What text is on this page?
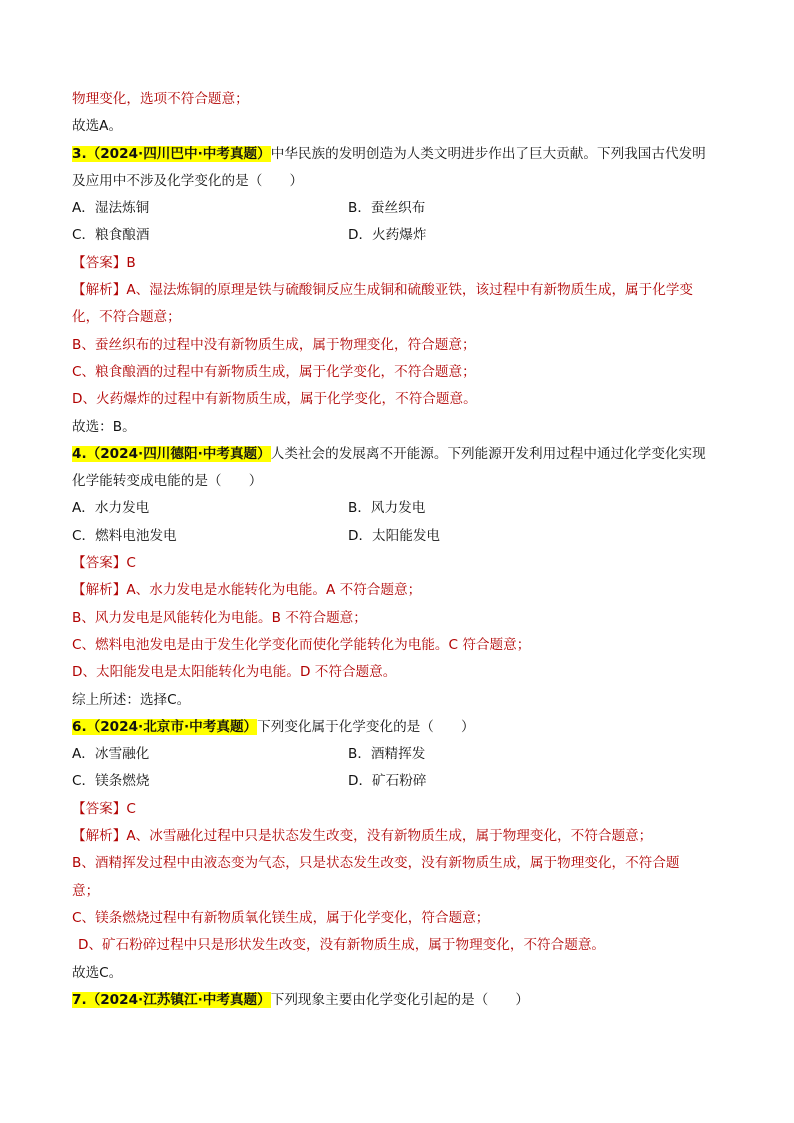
物理变化，选项不符合题意；
故选A。
3.（2024·四川巴中·中考真题）中华民族的发明创造为人类文明进步作出了巨大贡献。下列我国古代发明
及应用中不涉及化学变化的是（　　）
A．湿法炼铜	B．蚕丝织布
C．粮食酿酒	D．火药爆炸
【答案】B
【解析】A、湿法炼铜的原理是铁与硫酸铜反应生成铜和硫酸亚铁，该过程中有新物质生成，属于化学变
化，不符合题意；
B、蚕丝织布的过程中没有新物质生成，属于物理变化，符合题意；
C、粮食酿酒的过程中有新物质生成，属于化学变化，不符合题意；
D、火药爆炸的过程中有新物质生成，属于化学变化，不符合题意。
故选：B。
4.（2024·四川德阳·中考真题）人类社会的发展离不开能源。下列能源开发利用过程中通过化学变化实现
化学能转变成电能的是（　　）
A．水力发电	B．风力发电
C．燃料电池发电	D．太阳能发电
【答案】C
【解析】A、水力发电是水能转化为电能。A 不符合题意；
B、风力发电是风能转化为电能。B 不符合题意；
C、燃料电池发电是由于发生化学变化而使化学能转化为电能。C 符合题意；
D、太阳能发电是太阳能转化为电能。D 不符合题意。
综上所述：选择C。
6.（2024·北京市·中考真题）下列变化属于化学变化的是（　　）
A．冰雪融化	B．酒精挥发
C．镁条燃烧	D．矿石粉碎
【答案】C
【解析】A、冰雪融化过程中只是状态发生改变，没有新物质生成，属于物理变化，不符合题意；
B、酒精挥发过程中由液态变为气态，只是状态发生改变，没有新物质生成，属于物理变化，不符合题
意；
C、镁条燃烧过程中有新物质氧化镁生成，属于化学变化，符合题意；
D、矿石粉碎过程中只是形状发生改变，没有新物质生成，属于物理变化，不符合题意。
故选C。
7.（2024·江苏镇江·中考真题）下列现象主要由化学变化引起的是（　　）
